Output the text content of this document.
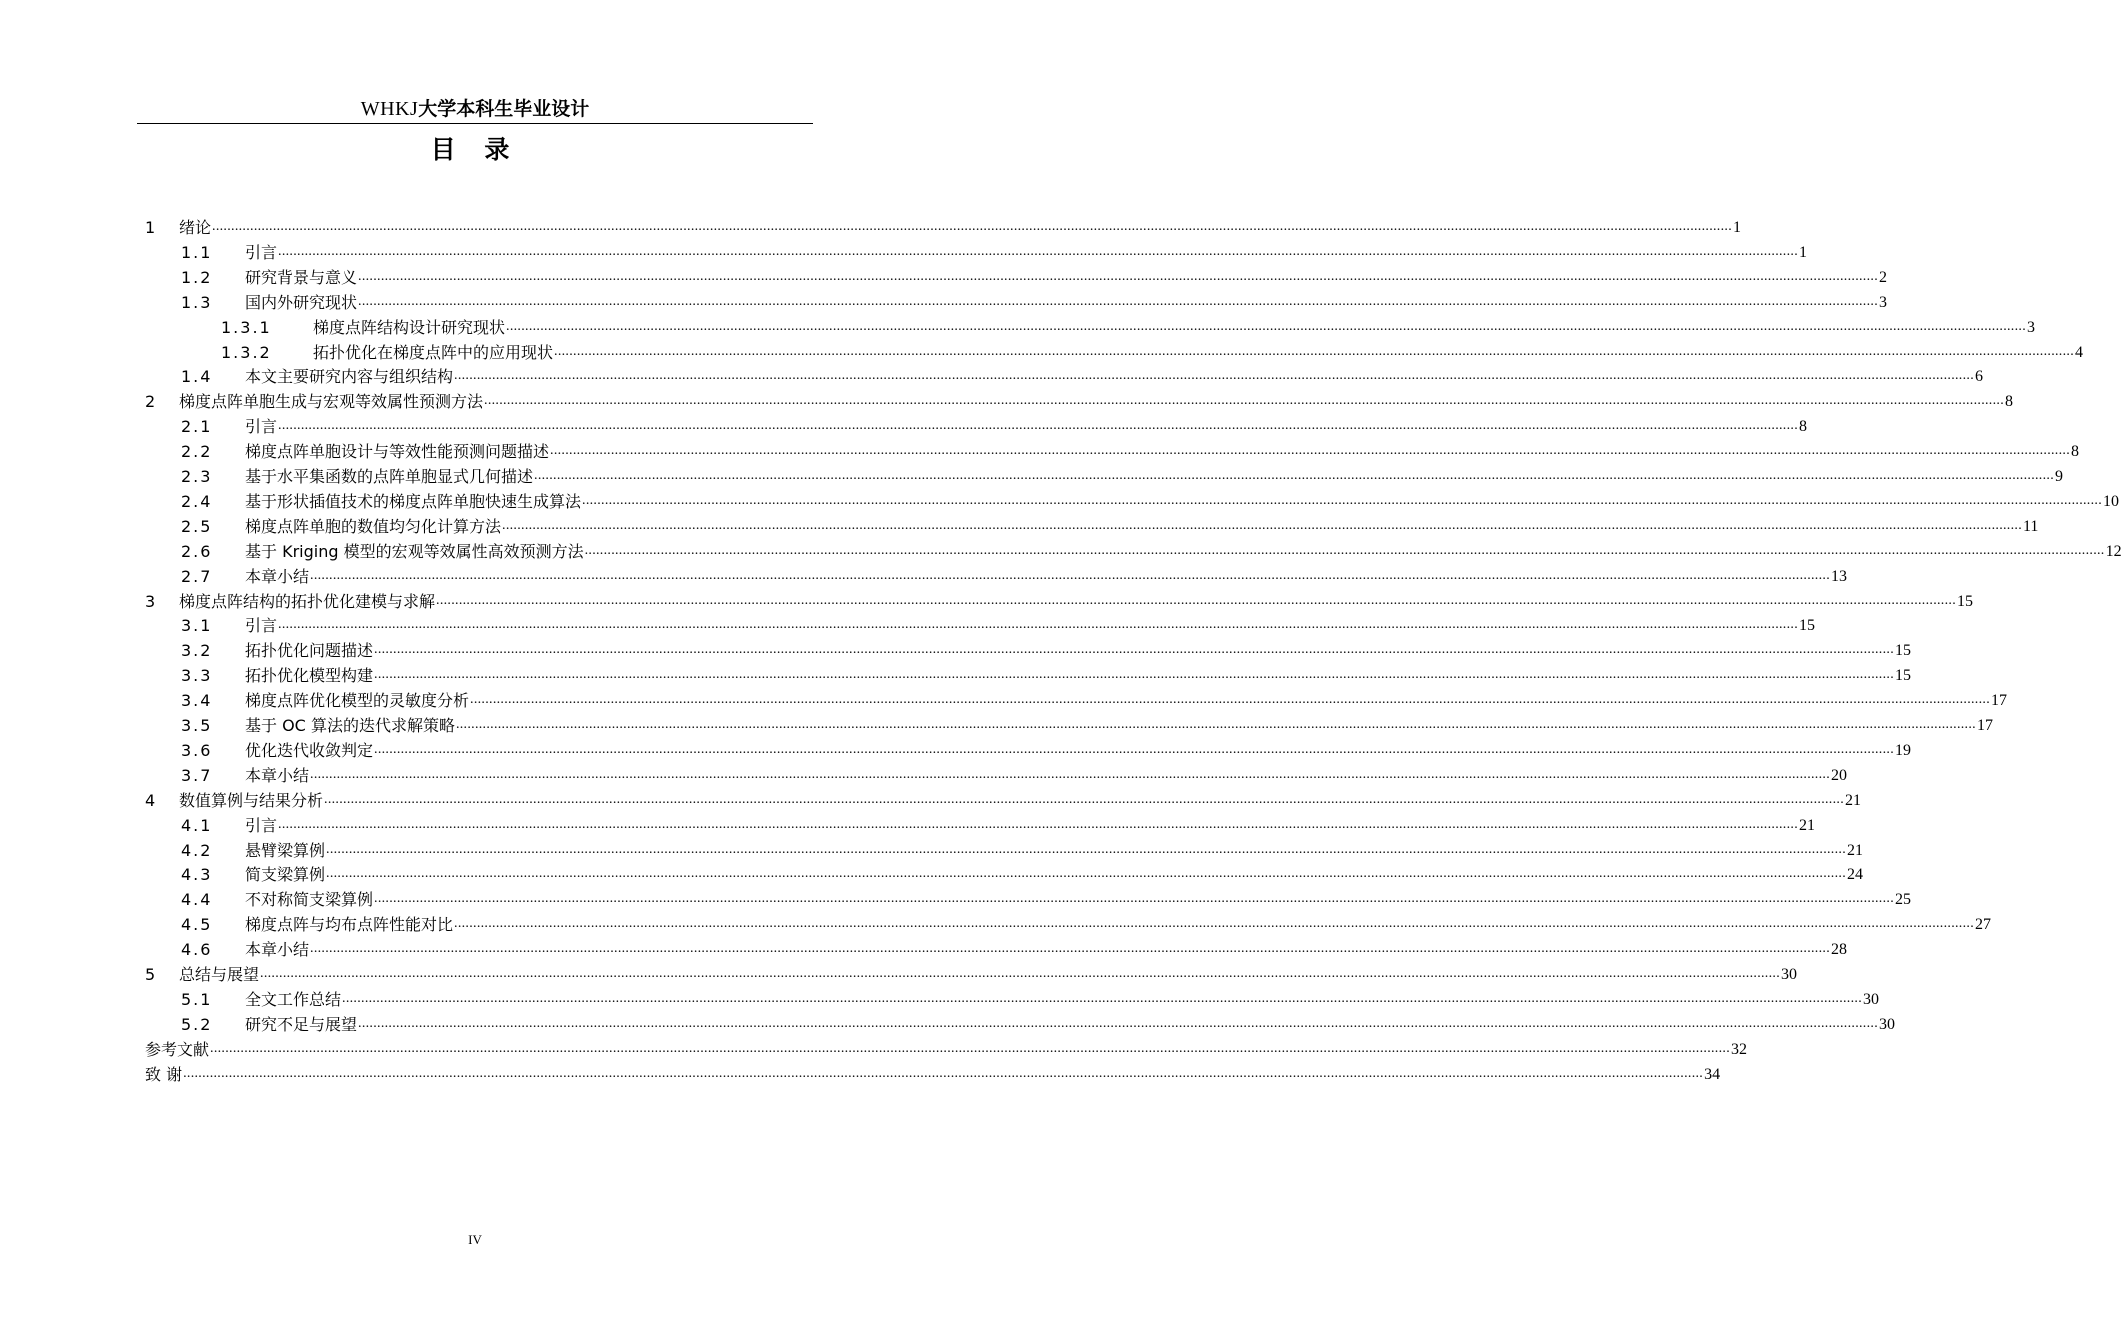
WHKJ大学本科生毕业设计
目 录
1	绪论 ................................................................................................................................................................................................................................................................................................................................................................................................................ 1
1.1	引言 ................................................................................................................................................................................................................................................................................................................................................................................................................ 1
1.2	研究背景与意义 ................................................................................................................................................................................................................................................................................................................................................................................................................ 2
1.3	国内外研究现状 ................................................................................................................................................................................................................................................................................................................................................................................................................ 3
1.3.1	梯度点阵结构设计研究现状 ................................................................................................................................................................................................................................................................................................................................................................................................................ 3
1.3.2	拓扑优化在梯度点阵中的应用现状 ................................................................................................................................................................................................................................................................................................................................................................................................................ 4
1.4	本文主要研究内容与组织结构 ................................................................................................................................................................................................................................................................................................................................................................................................................ 6
2	梯度点阵单胞生成与宏观等效属性预测方法 ................................................................................................................................................................................................................................................................................................................................................................................................................ 8
2.1	引言 ................................................................................................................................................................................................................................................................................................................................................................................................................ 8
2.2	梯度点阵单胞设计与等效性能预测问题描述 ................................................................................................................................................................................................................................................................................................................................................................................................................ 8
2.3	基于水平集函数的点阵单胞显式几何描述 ................................................................................................................................................................................................................................................................................................................................................................................................................ 9
2.4	基于形状插值技术的梯度点阵单胞快速生成算法 ................................................................................................................................................................................................................................................................................................................................................................................................................ 10
2.5	梯度点阵单胞的数值均匀化计算方法 ................................................................................................................................................................................................................................................................................................................................................................................................................ 11
2.6	基于 Kriging 模型的宏观等效属性高效预测方法 ................................................................................................................................................................................................................................................................................................................................................................................................................ 12
2.7	本章小结 ................................................................................................................................................................................................................................................................................................................................................................................................................ 13
3	梯度点阵结构的拓扑优化建模与求解 ................................................................................................................................................................................................................................................................................................................................................................................................................ 15
3.1	引言 ................................................................................................................................................................................................................................................................................................................................................................................................................ 15
3.2	拓扑优化问题描述 ................................................................................................................................................................................................................................................................................................................................................................................................................ 15
3.3	拓扑优化模型构建 ................................................................................................................................................................................................................................................................................................................................................................................................................ 15
3.4	梯度点阵优化模型的灵敏度分析 ................................................................................................................................................................................................................................................................................................................................................................................................................ 17
3.5	基于 OC 算法的迭代求解策略 ................................................................................................................................................................................................................................................................................................................................................................................................................ 17
3.6	优化迭代收敛判定 ................................................................................................................................................................................................................................................................................................................................................................................................................ 19
3.7	本章小结 ................................................................................................................................................................................................................................................................................................................................................................................................................ 20
4	数值算例与结果分析 ................................................................................................................................................................................................................................................................................................................................................................................................................ 21
4.1	引言 ................................................................................................................................................................................................................................................................................................................................................................................................................ 21
4.2	悬臂梁算例 ................................................................................................................................................................................................................................................................................................................................................................................................................ 21
4.3	简支梁算例 ................................................................................................................................................................................................................................................................................................................................................................................................................ 24
4.4	不对称简支梁算例 ................................................................................................................................................................................................................................................................................................................................................................................................................ 25
4.5	梯度点阵与均布点阵性能对比 ................................................................................................................................................................................................................................................................................................................................................................................................................ 27
4.6	本章小结 ................................................................................................................................................................................................................................................................................................................................................................................................................ 28
5	总结与展望 ................................................................................................................................................................................................................................................................................................................................................................................................................ 30
5.1	全文工作总结 ................................................................................................................................................................................................................................................................................................................................................................................................................ 30
5.2	研究不足与展望 ................................................................................................................................................................................................................................................................................................................................................................................................................ 30
参考文献 ................................................................................................................................................................................................................................................................................................................................................................................................................ 32
致 谢 ................................................................................................................................................................................................................................................................................................................................................................................................................ 34
IV
